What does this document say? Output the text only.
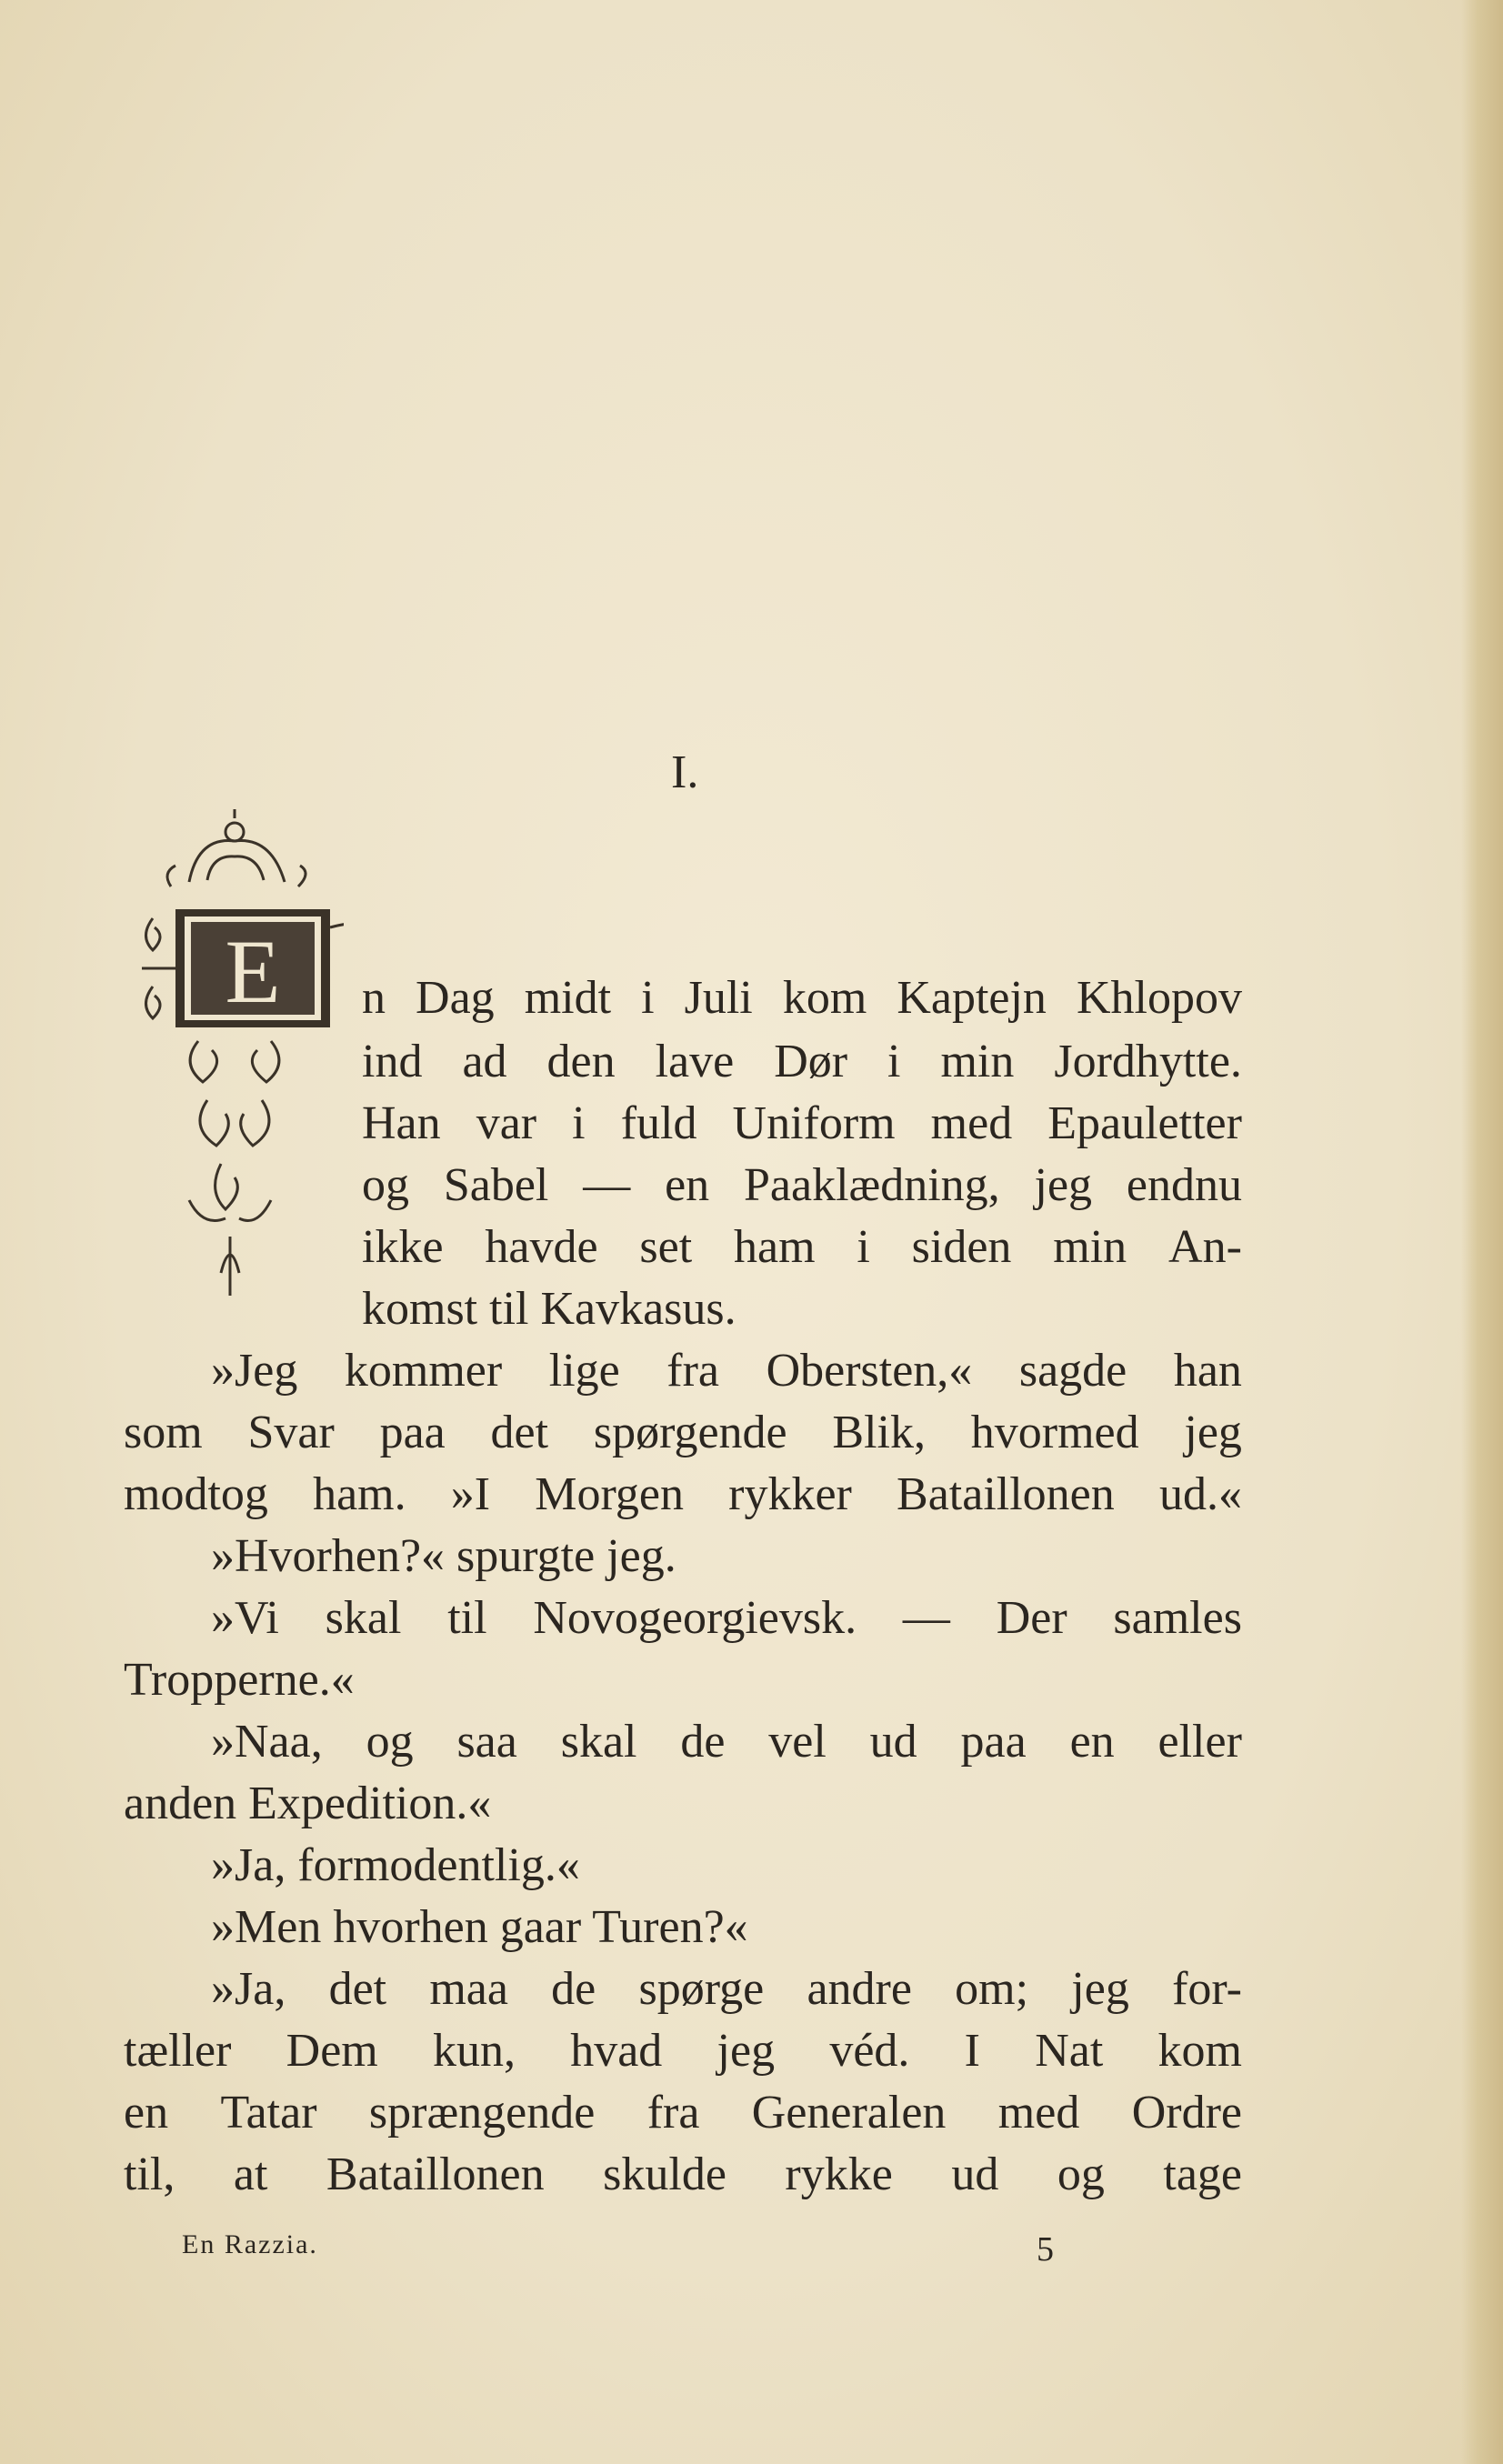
I.
E n Dag midt i Juli kom Kaptejn Khlopov
ind ad den lave Dør i min Jordhytte.
Han var i fuld Uniform med Epauletter
og Sabel — en Paaklædning, jeg endnu
ikke havde set ham i siden min An-
komst til Kavkasus.
»Jeg kommer lige fra Obersten,« sagde han
som Svar paa det spørgende Blik, hvormed jeg
modtog ham. »I Morgen rykker Bataillonen ud.«
»Hvorhen?« spurgte jeg.
»Vi skal til Novogeorgievsk. — Der samles
Tropperne.«
»Naa, og saa skal de vel ud paa en eller
anden Expedition.«
»Ja, formodentlig.«
»Men hvorhen gaar Turen?«
»Ja, det maa de spørge andre om; jeg for-
tæller Dem kun, hvad jeg véd. I Nat kom
en Tatar sprængende fra Generalen med Ordre
til, at Bataillonen skulde rykke ud og tage
En Razzia.	5
